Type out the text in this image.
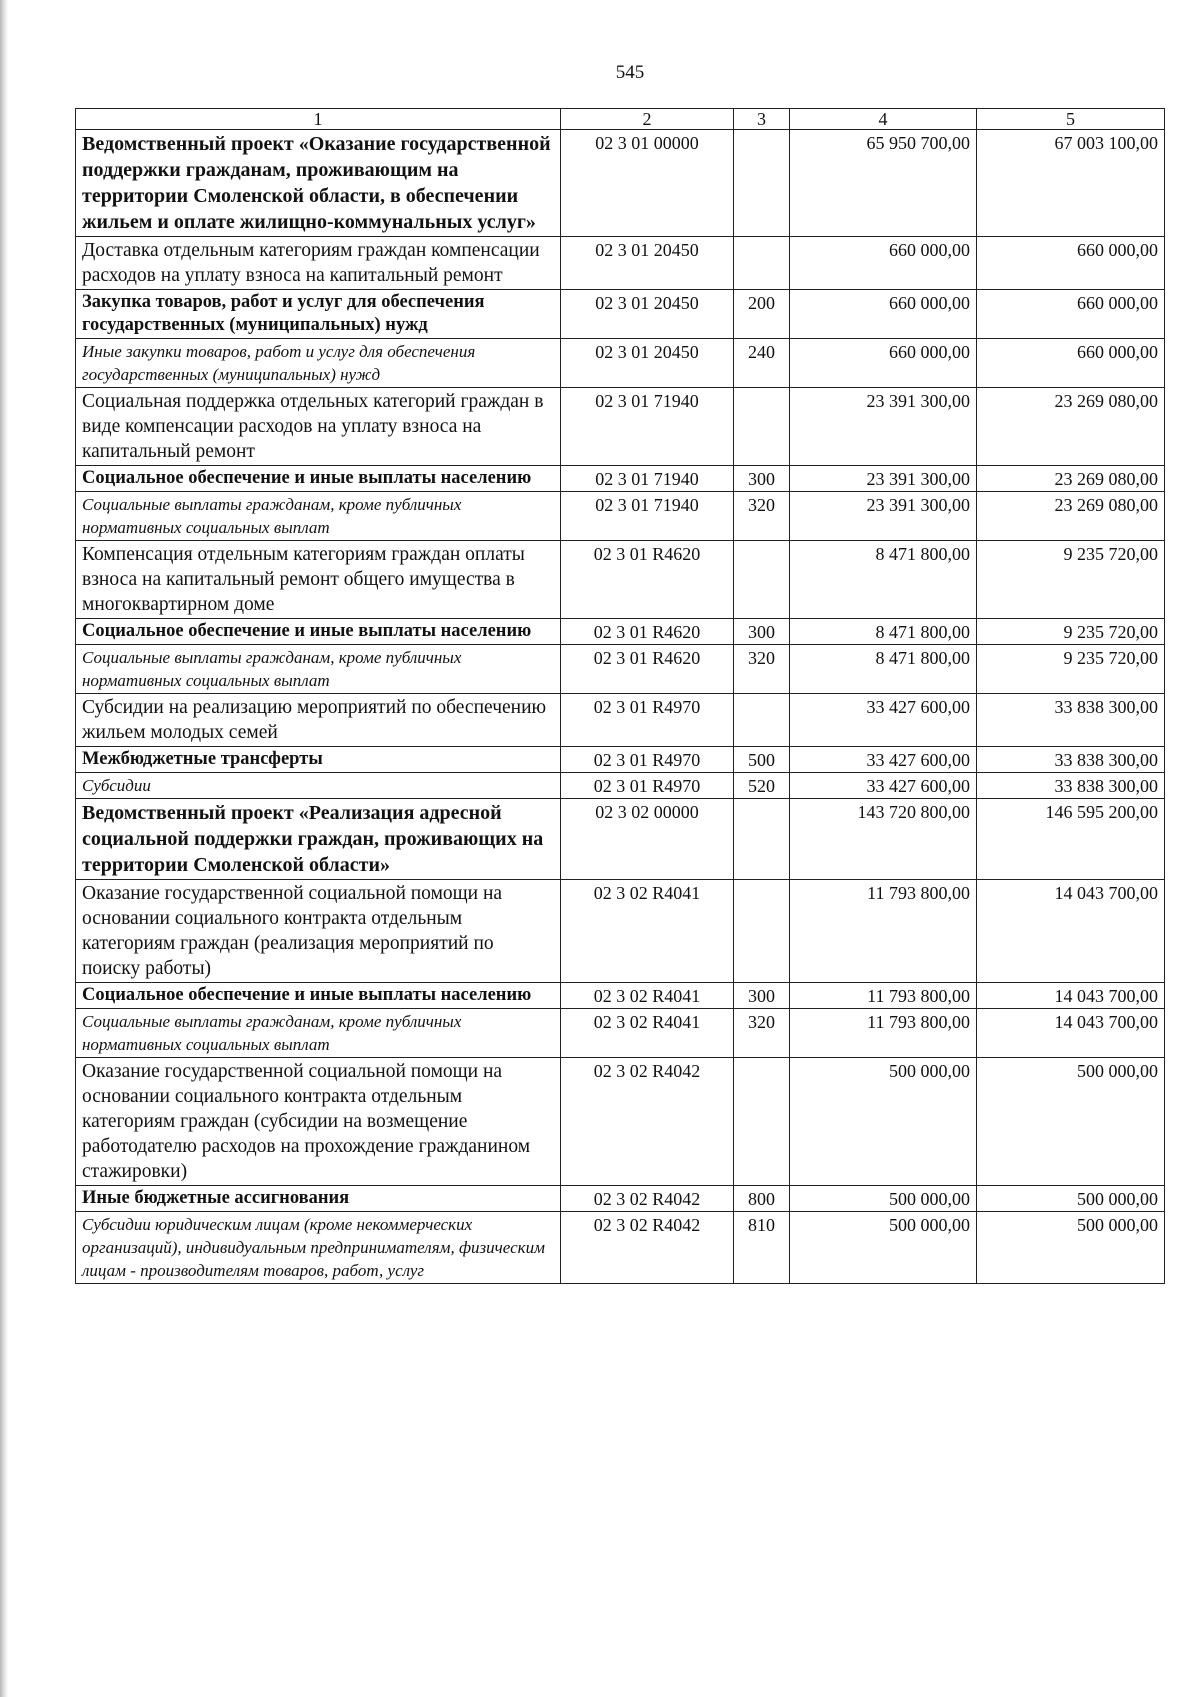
545
1	2	3	4	5
Ведомственный проект «Оказание государственной поддержки гражданам, проживающим на территории Смоленской области, в обеспечении жильем и оплате жилищно-коммунальных услуг»	02 3 01 00000		65 950 700,00	67 003 100,00
Доставка отдельным категориям граждан компенсации расходов на уплату взноса на капитальный ремонт	02 3 01 20450		660 000,00	660 000,00
Закупка товаров, работ и услуг для обеспечения государственных (муниципальных) нужд	02 3 01 20450	200	660 000,00	660 000,00
Иные закупки товаров, работ и услуг для обеспечения государственных (муниципальных) нужд	02 3 01 20450	240	660 000,00	660 000,00
Социальная поддержка отдельных категорий граждан в виде компенсации расходов на уплату взноса на капитальный ремонт	02 3 01 71940		23 391 300,00	23 269 080,00
Социальное обеспечение и иные выплаты населению	02 3 01 71940	300	23 391 300,00	23 269 080,00
Социальные выплаты гражданам, кроме публичных нормативных социальных выплат	02 3 01 71940	320	23 391 300,00	23 269 080,00
Компенсация отдельным категориям граждан оплаты взноса на капитальный ремонт общего имущества в многоквартирном доме	02 3 01 R4620		8 471 800,00	9 235 720,00
Социальное обеспечение и иные выплаты населению	02 3 01 R4620	300	8 471 800,00	9 235 720,00
Социальные выплаты гражданам, кроме публичных нормативных социальных выплат	02 3 01 R4620	320	8 471 800,00	9 235 720,00
Субсидии на реализацию мероприятий по обеспечению жильем молодых семей	02 3 01 R4970		33 427 600,00	33 838 300,00
Межбюджетные трансферты	02 3 01 R4970	500	33 427 600,00	33 838 300,00
Субсидии	02 3 01 R4970	520	33 427 600,00	33 838 300,00
Ведомственный проект «Реализация адресной социальной поддержки граждан, проживающих на территории Смоленской области»	02 3 02 00000		143 720 800,00	146 595 200,00
Оказание государственной социальной помощи на основании социального контракта отдельным категориям граждан (реализация мероприятий по поиску работы)	02 3 02 R4041		11 793 800,00	14 043 700,00
Социальное обеспечение и иные выплаты населению	02 3 02 R4041	300	11 793 800,00	14 043 700,00
Социальные выплаты гражданам, кроме публичных нормативных социальных выплат	02 3 02 R4041	320	11 793 800,00	14 043 700,00
Оказание государственной социальной помощи на основании социального контракта отдельным категориям граждан (субсидии на возмещение работодателю расходов на прохождение гражданином стажировки)	02 3 02 R4042		500 000,00	500 000,00
Иные бюджетные ассигнования	02 3 02 R4042	800	500 000,00	500 000,00
Субсидии юридическим лицам (кроме некоммерческих организаций), индивидуальным предпринимателям, физическим лицам - производителям товаров, работ, услуг	02 3 02 R4042	810	500 000,00	500 000,00
